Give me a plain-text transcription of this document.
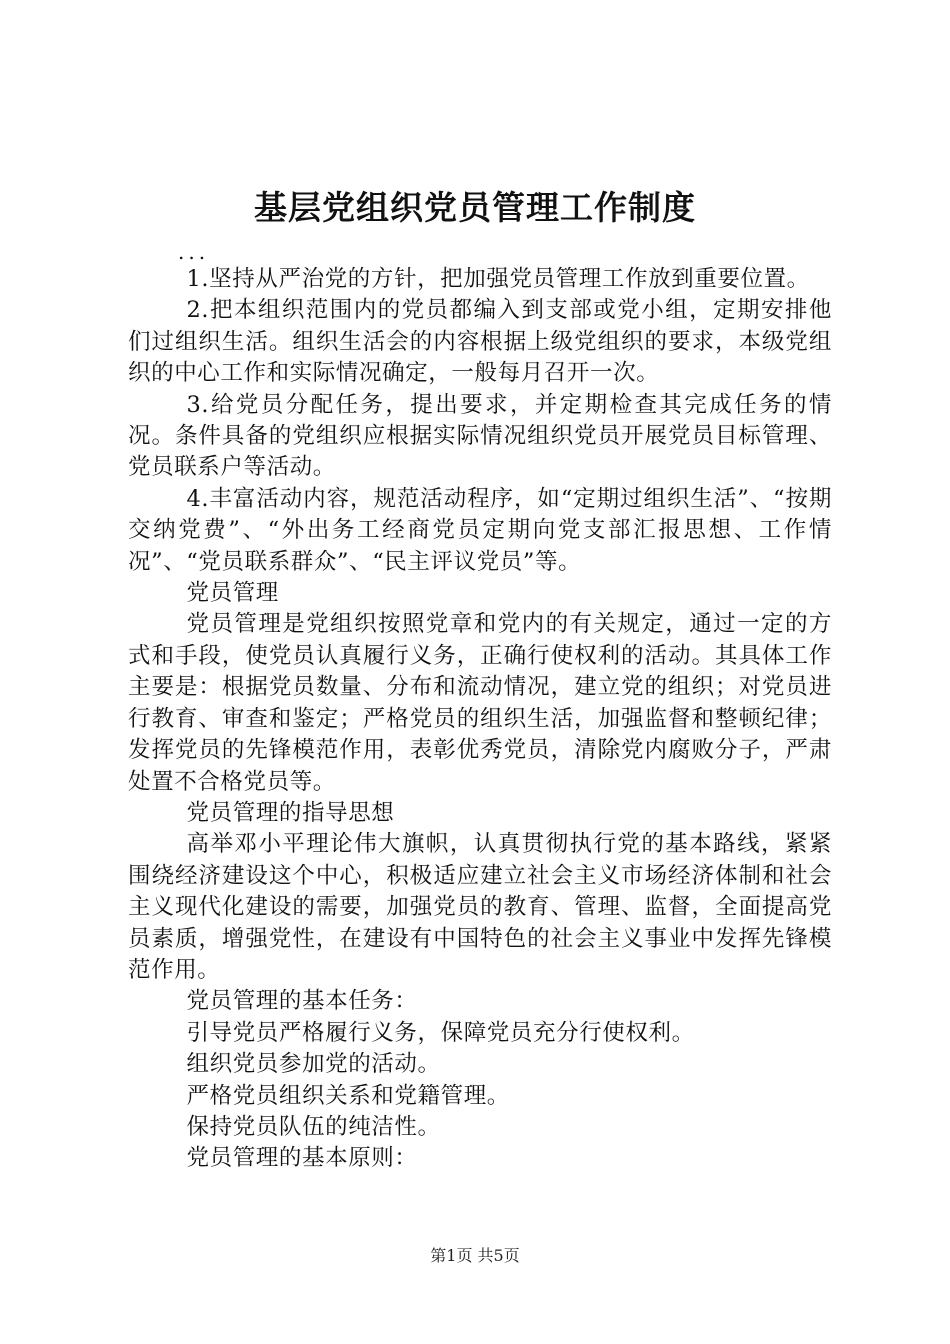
基层党组织党员管理工作制度
...

1.坚持从严治党的方针，把加强党员管理工作放到重要位置。

2.把本组织范围内的党员都编入到支部或党小组，定期安排他们过组织生活。组织生活会的内容根据上级党组织的要求，本级党组织的中心工作和实际情况确定，一般每月召开一次。

3.给党员分配任务，提出要求，并定期检查其完成任务的情况。条件具备的党组织应根据实际情况组织党员开展党员目标管理、党员联系户等活动。

4.丰富活动内容，规范活动程序，如“定期过组织生活”、“按期交纳党费”、“外出务工经商党员定期向党支部汇报思想、工作情况”、“党员联系群众”、“民主评议党员”等。

党员管理

党员管理是党组织按照党章和党内的有关规定，通过一定的方式和手段，使党员认真履行义务，正确行使权利的活动。其具体工作主要是：根据党员数量、分布和流动情况，建立党的组织；对党员进行教育、审查和鉴定；严格党员的组织生活，加强监督和整顿纪律；发挥党员的先锋模范作用，表彰优秀党员，清除党内腐败分子，严肃处置不合格党员等。

党员管理的指导思想

高举邓小平理论伟大旗帜，认真贯彻执行党的基本路线，紧紧围绕经济建设这个中心，积极适应建立社会主义市场经济体制和社会主义现代化建设的需要，加强党员的教育、管理、监督，全面提高党员素质，增强党性，在建设有中国特色的社会主义事业中发挥先锋模范作用。

党员管理的基本任务：

引导党员严格履行义务，保障党员充分行使权利。

组织党员参加党的活动。

严格党员组织关系和党籍管理。

保持党员队伍的纯洁性。

党员管理的基本原则：

第1页 共5页
